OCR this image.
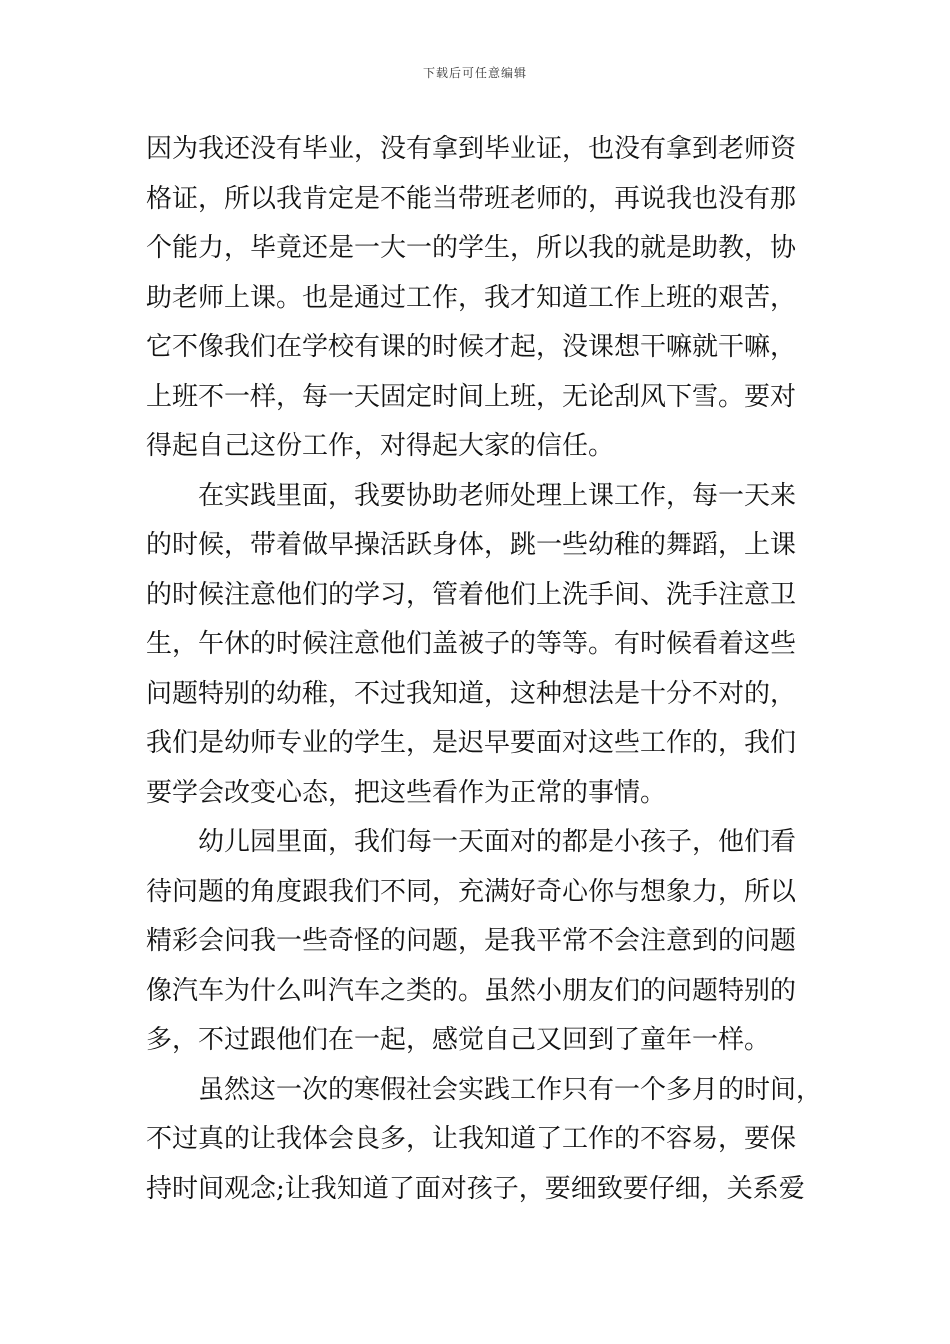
下载后可任意编辑
因为我还没有毕业，没有拿到毕业证，也没有拿到老师资
格证，所以我肯定是不能当带班老师的，再说我也没有那
个能力，毕竟还是一大一的学生，所以我的就是助教，协
助老师上课。也是通过工作，我才知道工作上班的艰苦，
它不像我们在学校有课的时候才起，没课想干嘛就干嘛，
上班不一样，每一天固定时间上班，无论刮风下雪。要对
得起自己这份工作，对得起大家的信任。
在实践里面，我要协助老师处理上课工作，每一天来
的时候，带着做早操活跃身体，跳一些幼稚的舞蹈，上课
的时候注意他们的学习，管着他们上洗手间、洗手注意卫
生，午休的时候注意他们盖被子的等等。有时候看着这些
问题特别的幼稚，不过我知道，这种想法是十分不对的，
我们是幼师专业的学生，是迟早要面对这些工作的，我们
要学会改变心态，把这些看作为正常的事情。
幼儿园里面，我们每一天面对的都是小孩子，他们看
待问题的角度跟我们不同，充满好奇心你与想象力，所以
精彩会问我一些奇怪的问题，是我平常不会注意到的问题
像汽车为什么叫汽车之类的。虽然小朋友们的问题特别的
多，不过跟他们在一起，感觉自己又回到了童年一样。
虽然这一次的寒假社会实践工作只有一个多月的时间，
不过真的让我体会良多，让我知道了工作的不容易，要保
持时间观念;让我知道了面对孩子，要细致要仔细，关系爱
